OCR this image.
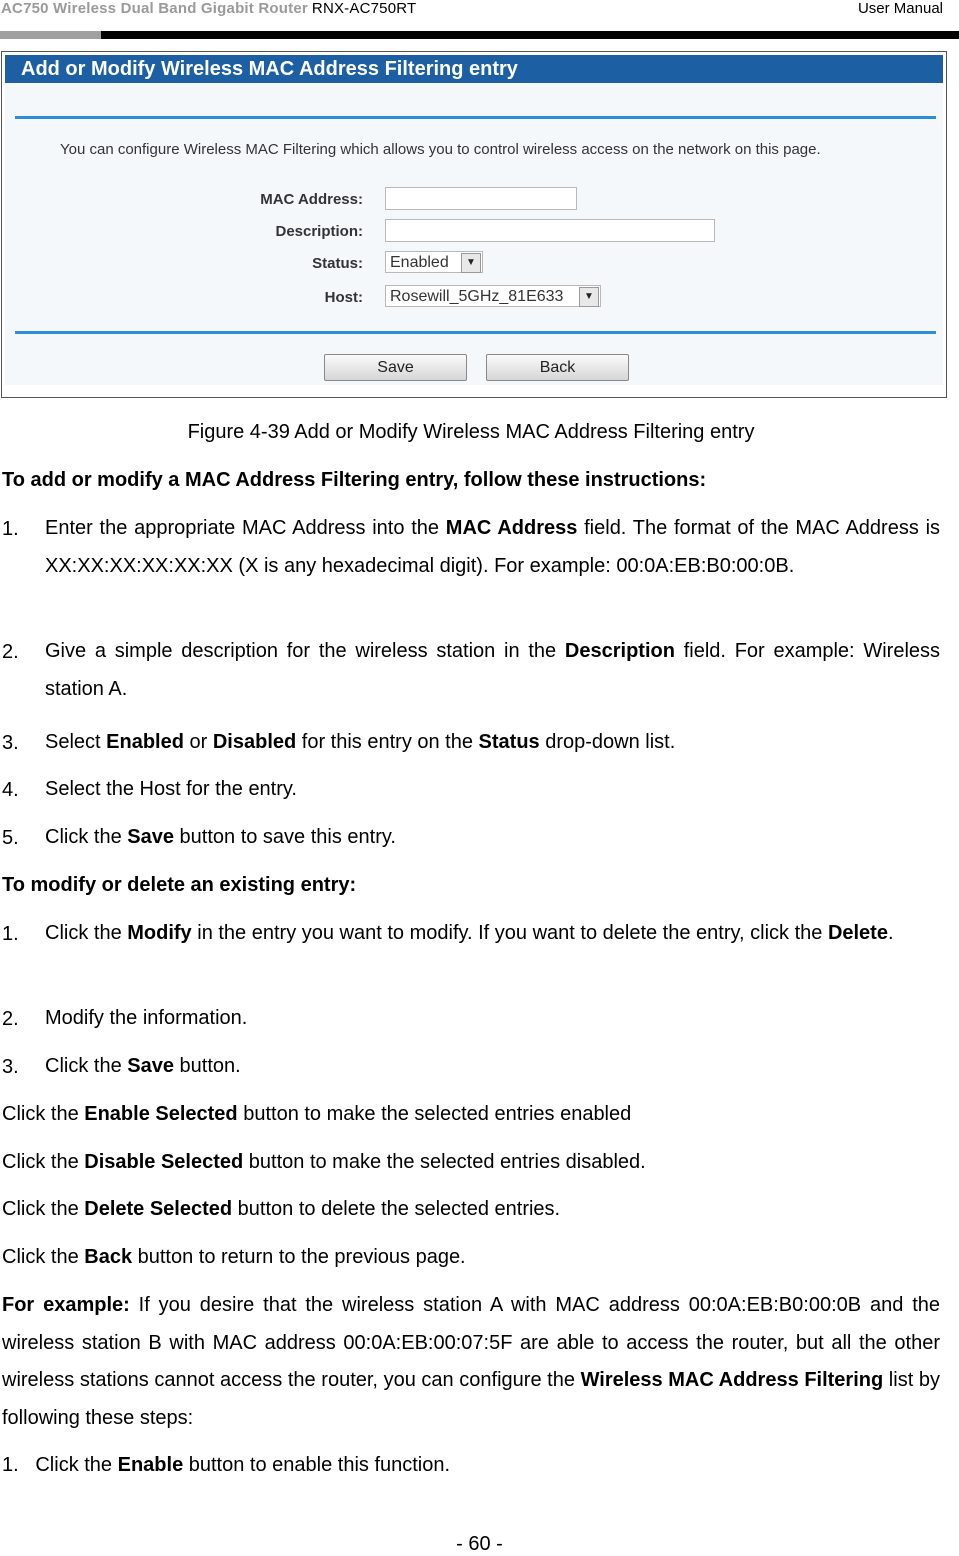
AC750 Wireless Dual Band Gigabit Router RNX-AC750RT	User Manual
Add or Modify Wireless MAC Address Filtering entry
You can configure Wireless MAC Filtering which allows you to control wireless access on the network on this page.
MAC Address:
Description:
Status:	Enabled	▼
Host:	Rosewill_5GHz_81E633	▼
Save	Back
Figure 4-39 Add or Modify Wireless MAC Address Filtering entry
To add or modify a MAC Address Filtering entry, follow these instructions:
1. Enter the appropriate MAC Address into the MAC Address field. The format of the MAC Address is XX:XX:XX:XX:XX:XX (X is any hexadecimal digit). For example: 00:0A:EB:B0:00:0B.
2. Give a simple description for the wireless station in the Description field. For example: Wireless station A.
3. Select Enabled or Disabled for this entry on the Status drop-down list.
4. Select the Host for the entry.
5. Click the Save button to save this entry.
To modify or delete an existing entry:
1. Click the Modify in the entry you want to modify. If you want to delete the entry, click the Delete.
2. Modify the information.
3. Click the Save button.
Click the Enable Selected button to make the selected entries enabled
Click the Disable Selected button to make the selected entries disabled.
Click the Delete Selected button to delete the selected entries.
Click the Back button to return to the previous page.
For example: If you desire that the wireless station A with MAC address 00:0A:EB:B0:00:0B and the wireless station B with MAC address 00:0A:EB:00:07:5F are able to access the router, but all the other wireless stations cannot access the router, you can configure the Wireless MAC Address Filtering list by following these steps:
1. Click the Enable button to enable this function.
- 60 -
